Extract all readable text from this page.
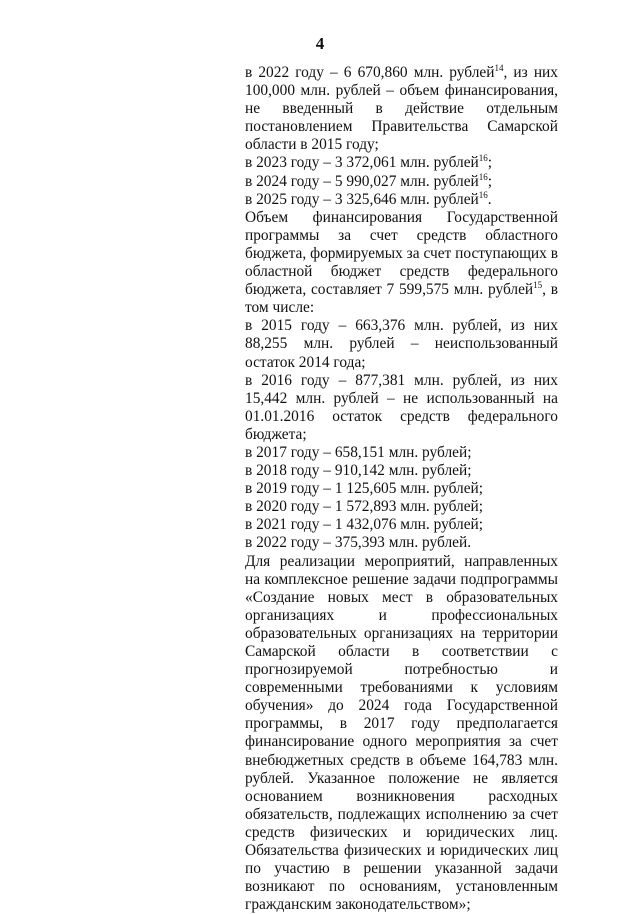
4

в 2022 году – 6 670,860 млн. рублей$^{14}$, из них 100,000 млн. рублей – объем финансирования, не введенный в действие отдельным постановлением Правительства Самарской области в 2015 году;

в 2023 году – 3 372,061 млн. рублей$^{16}$;

в 2024 году – 5 990,027 млн. рублей$^{16}$;

в 2025 году – 3 325,646 млн. рублей$^{16}$.

Объем финансирования Государственной программы за счет средств областного бюджета, формируемых за счет поступающих в областной бюджет средств федерального бюджета, составляет 7 599,575 млн. рублей$^{15}$, в том числе:

в 2015 году – 663,376 млн. рублей, из них 88,255 млн. рублей – неиспользованный остаток 2014 года;

в 2016 году – 877,381 млн. рублей, из них 15,442 млн. рублей – не использованный на 01.01.2016 остаток средств федерального бюджета;

в 2017 году – 658,151 млн. рублей;

в 2018 году – 910,142 млн. рублей;

в 2019 году – 1 125,605 млн. рублей;

в 2020 году – 1 572,893 млн. рублей;

в 2021 году – 1 432,076 млн. рублей;

в 2022 году – 375,393 млн. рублей.

Для реализации мероприятий, направленных на комплексное решение задачи подпрограммы «Создание новых мест в образовательных организациях и профессиональных образовательных организациях на территории Самарской области в соответствии с прогнозируемой потребностью и современными требованиями к условиям обучения» до 2024 года Государственной программы, в 2017 году предполагается финансирование одного мероприятия за счет внебюджетных средств в объеме 164,783 млн. рублей. Указанное положение не является основанием возникновения расходных обязательств, подлежащих исполнению за счет средств физических и юридических лиц. Обязательства физических и юридических лиц по участию в решении указанной задачи возникают по основаниям, установленным гражданским законодательством»;
